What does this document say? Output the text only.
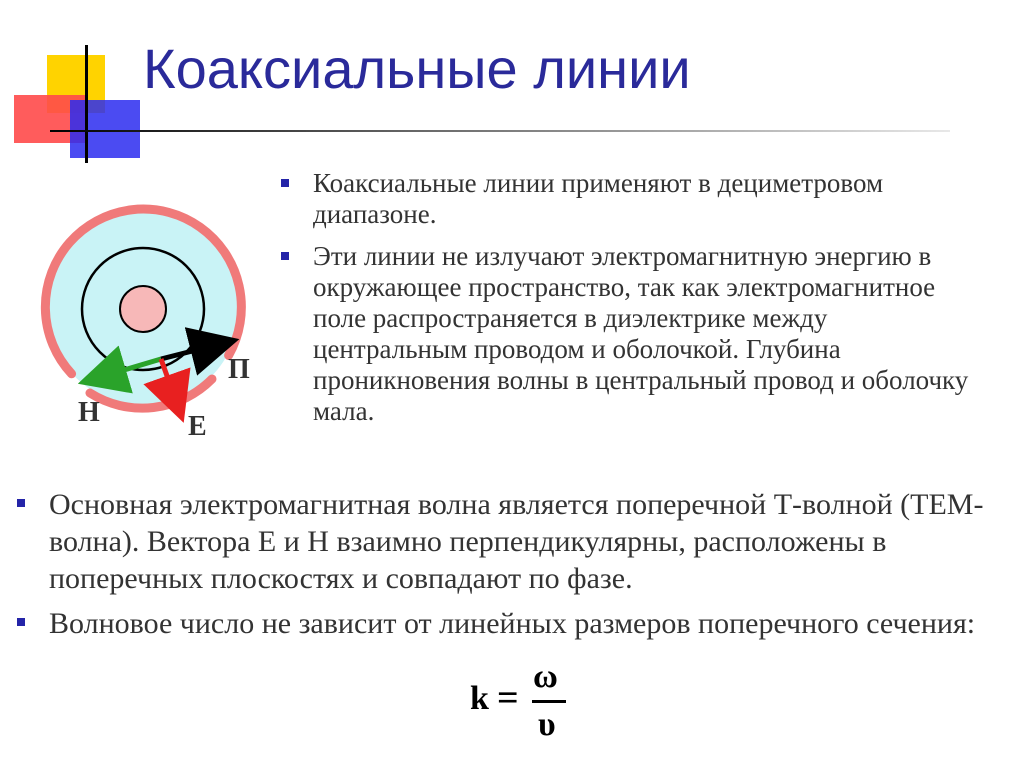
Коаксиальные линии
П
H	E
Коаксиальные линии применяют в дециметровом диапазоне.
Эти линии не излучают электромагнитную энергию в окружающее пространство, так как электромагнитное поле распространяется в диэлектрике между центральным проводом и оболочкой. Глубина проникновения волны в центральный провод и оболочку мала.
Основная электромагнитная волна является поперечной Т-волной (ТЕМ-волна). Вектора Е и Н взаимно перпендикулярны, расположены в поперечных плоскостях и совпадают по фазе.
Волновое число не зависит от линейных размеров поперечного сечения:
k =
ω
υ
